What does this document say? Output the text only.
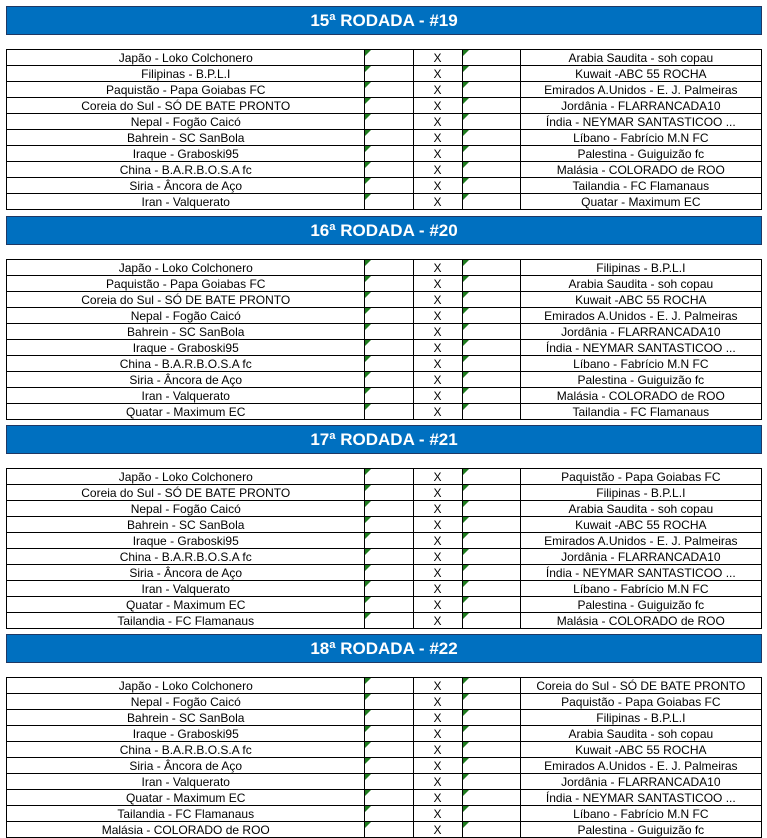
15ª RODADA - #19
Japão - Loko Colchonero		X		Arabia Saudita - soh copau
Filipinas - B.P.L.I		X		Kuwait -ABC 55 ROCHA
Paquistão - Papa Goiabas FC		X		Emirados A.Unidos - E. J. Palmeiras
Coreia do Sul - SÓ DE BATE PRONTO		X		Jordânia - FLARRANCADA10
Nepal - Fogão Caicó		X		Índia - NEYMAR SANTASTICOO ...
Bahrein - SC SanBola		X		Líbano - Fabrício M.N FC
Iraque - Graboski95		X		Palestina - Guiguizão fc
China - B.A.R.B.O.S.A fc		X		Malásia - COLORADO de ROO
Siria - Âncora de Aço		X		Tailandia - FC Flamanaus
Iran - Valquerato		X		Quatar - Maximum EC
16ª RODADA - #20
Japão - Loko Colchonero		X		Filipinas - B.P.L.I
Paquistão - Papa Goiabas FC		X		Arabia Saudita - soh copau
Coreia do Sul - SÓ DE BATE PRONTO		X		Kuwait -ABC 55 ROCHA
Nepal - Fogão Caicó		X		Emirados A.Unidos - E. J. Palmeiras
Bahrein - SC SanBola		X		Jordânia - FLARRANCADA10
Iraque - Graboski95		X		Índia - NEYMAR SANTASTICOO ...
China - B.A.R.B.O.S.A fc		X		Líbano - Fabrício M.N FC
Siria - Âncora de Aço		X		Palestina - Guiguizão fc
Iran - Valquerato		X		Malásia - COLORADO de ROO
Quatar - Maximum EC		X		Tailandia - FC Flamanaus
17ª RODADA - #21
Japão - Loko Colchonero		X		Paquistão - Papa Goiabas FC
Coreia do Sul - SÓ DE BATE PRONTO		X		Filipinas - B.P.L.I
Nepal - Fogão Caicó		X		Arabia Saudita - soh copau
Bahrein - SC SanBola		X		Kuwait -ABC 55 ROCHA
Iraque - Graboski95		X		Emirados A.Unidos - E. J. Palmeiras
China - B.A.R.B.O.S.A fc		X		Jordânia - FLARRANCADA10
Siria - Âncora de Aço		X		Índia - NEYMAR SANTASTICOO ...
Iran - Valquerato		X		Líbano - Fabrício M.N FC
Quatar - Maximum EC		X		Palestina - Guiguizão fc
Tailandia - FC Flamanaus		X		Malásia - COLORADO de ROO
18ª RODADA - #22
Japão - Loko Colchonero		X		Coreia do Sul - SÓ DE BATE PRONTO
Nepal - Fogão Caicó		X		Paquistão - Papa Goiabas FC
Bahrein - SC SanBola		X		Filipinas - B.P.L.I
Iraque - Graboski95		X		Arabia Saudita - soh copau
China - B.A.R.B.O.S.A fc		X		Kuwait -ABC 55 ROCHA
Siria - Âncora de Aço		X		Emirados A.Unidos - E. J. Palmeiras
Iran - Valquerato		X		Jordânia - FLARRANCADA10
Quatar - Maximum EC		X		Índia - NEYMAR SANTASTICOO ...
Tailandia - FC Flamanaus		X		Líbano - Fabrício M.N FC
Malásia - COLORADO de ROO		X		Palestina - Guiguizão fc
